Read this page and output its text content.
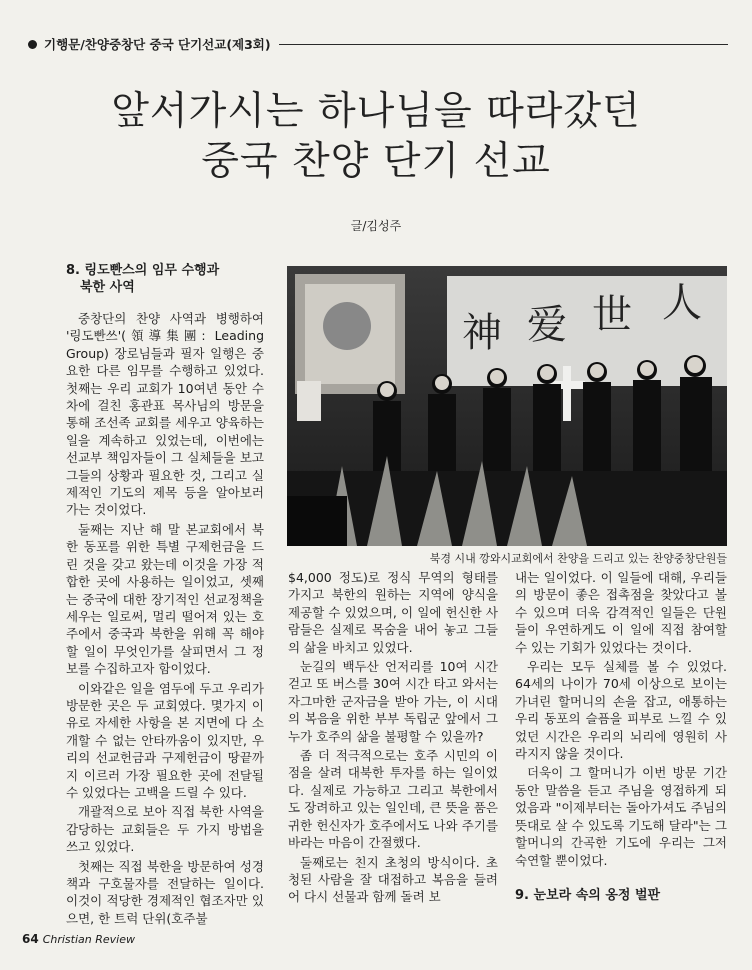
기행문/찬양중창단 중국 단기선교(제3회)
앞서가시는 하나님을 따라갔던
중국 찬양 단기 선교
글/김성주
8. 링도빤스의 임무 수행과
북한 사역

중창단의 찬양 사역과 병행하여 '링도빤쓰'(領導集團: Leading Group) 장로님들과 필자 일행은 중요한 다른 임무를 수행하고 있었다. 첫째는 우리 교회가 10여년 동안 수차에 걸친 홍관표 목사님의 방문을 통해 조선족 교회를 세우고 양육하는 일을 계속하고 있었는데, 이번에는 선교부 책임자들이 그 실체들을 보고 그들의 상황과 필요한 것, 그리고 실제적인 기도의 제목 등을 알아보러 가는 것이었다.

둘째는 지난 해 말 본교회에서 북한 동포를 위한 특별 구제헌금을 드린 것을 갖고 왔는데 이것을 가장 적합한 곳에 사용하는 일이었고, 셋째는 중국에 대한 장기적인 선교정책을 세우는 일로써, 멀리 떨어져 있는 호주에서 중국과 북한을 위해 꼭 해야 할 일이 무엇인가를 살피면서 그 정보를 수집하고자 함이었다.

이와같은 일을 염두에 두고 우리가 방문한 곳은 두 교회였다. 몇가지 이유로 자세한 사항을 본 지면에 다 소개할 수 없는 안타까움이 있지만, 우리의 선교헌금과 구제헌금이 땅끝까지 이르러 가장 필요한 곳에 전달될 수 있었다는 고백을 드릴 수 있다.

개괄적으로 보아 직접 북한 사역을 감당하는 교회들은 두 가지 방법을 쓰고 있었다.

첫째는 직접 북한을 방문하여 성경책과 구호물자를 전달하는 일이다. 이것이 적당한 경제적인 협조자만 있으면, 한 트럭 단위(호주불

神 爱 世 人
북경 시내 깡와시교회에서 찬양을 드리고 있는 찬양중창단원들

$4,000 정도)로 정식 무역의 형태를 가지고 북한의 원하는 지역에 양식을 제공할 수 있었으며, 이 일에 헌신한 사람들은 실제로 목숨을 내어 놓고 그들의 삶을 바치고 있었다.

눈길의 백두산 언저리를 10여 시간 걷고 또 버스를 30여 시간 타고 와서는 자그마한 군자금을 받아 가는, 이 시대의 복음을 위한 부부 독립군 앞에서 그 누가 호주의 삶을 불평할 수 있을까?

좀 더 적극적으로는 호주 시민의 이점을 살려 대북한 투자를 하는 일이었다. 실제로 가능하고 그리고 북한에서도 장려하고 있는 일인데, 큰 뜻을 품은 귀한 헌신자가 호주에서도 나와 주기를 바라는 마음이 간절했다.

둘째로는 친지 초청의 방식이다. 초청된 사람을 잘 대접하고 복음을 들려어 다시 선물과 함께 돌려 보

내는 일이었다. 이 일들에 대해, 우리들의 방문이 좋은 접촉점을 찾았다고 볼 수 있으며 더욱 감격적인 일들은 단원들이 우연하게도 이 일에 직접 참여할 수 있는 기회가 있었다는 것이다.

우리는 모두 실체를 볼 수 있었다. 64세의 나이가 70세 이상으로 보이는 가녀린 할머니의 손을 잡고, 애통하는 우리 동포의 슬픔을 피부로 느낄 수 있었던 시간은 우리의 뇌리에 영원히 사라지지 않을 것이다.

더욱이 그 할머니가 이번 방문 기간 동안 말씀을 듣고 주님을 영접하게 되었음과 "이제부터는 돌아가셔도 주님의 뜻대로 살 수 있도록 기도해 달라"는 그 할머니의 간곡한 기도에 우리는 그저 숙연할 뿐이었다.

9. 눈보라 속의 옹정 벌판
64 Christian Review
